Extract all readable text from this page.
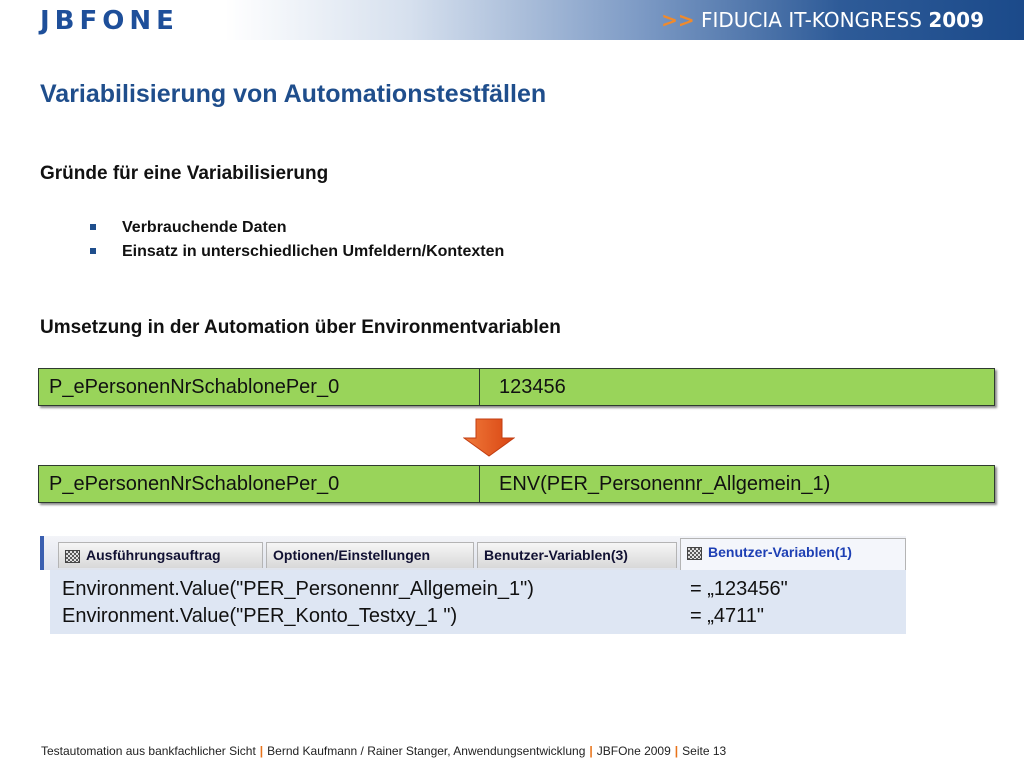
JBFONE	>> FIDUCIA IT-KONGRESS 2009
Variabilisierung von Automationstestfällen
Gründe für eine Variabilisierung
Verbrauchende Daten
Einsatz in unterschiedlichen Umfeldern/Kontexten
Umsetzung in der Automation über Environmentvariablen
P_ePersonenNrSchablonePer_0	123456
P_ePersonenNrSchablonePer_0	ENV(PER_Personennr_Allgemein_1)
Ausführungsauftrag	Optionen/Einstellungen	Benutzer-Variablen(3)	Benutzer-Variablen(1)
Environment.Value("PER_Personennr_Allgemein_1")	= „123456"
Environment.Value("PER_Konto_Testxy_1 ")	= „4711"
Testautomation aus bankfachlicher Sicht | Bernd Kaufmann / Rainer Stanger, Anwendungsentwicklung | JBFOne 2009 | Seite 13
